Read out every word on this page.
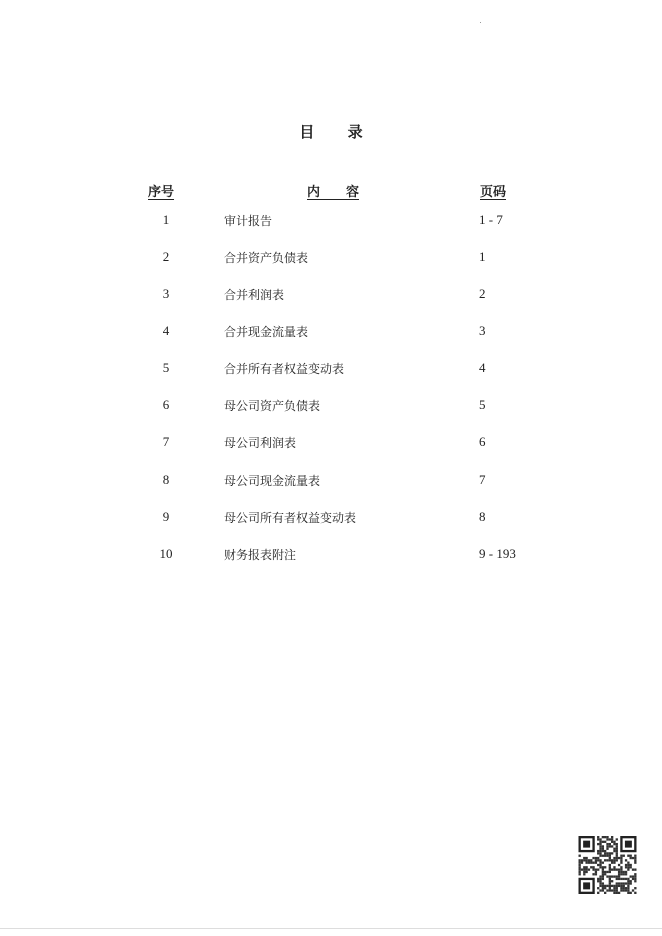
目 录
序号	内　　容	页码
1	审计报告	1 - 7
2	合并资产负债表	1
3	合并利润表	2
4	合并现金流量表	3
5	合并所有者权益变动表	4
6	母公司资产负债表	5
7	母公司利润表	6
8	母公司现金流量表	7
9	母公司所有者权益变动表	8
10	财务报表附注	9 - 193
